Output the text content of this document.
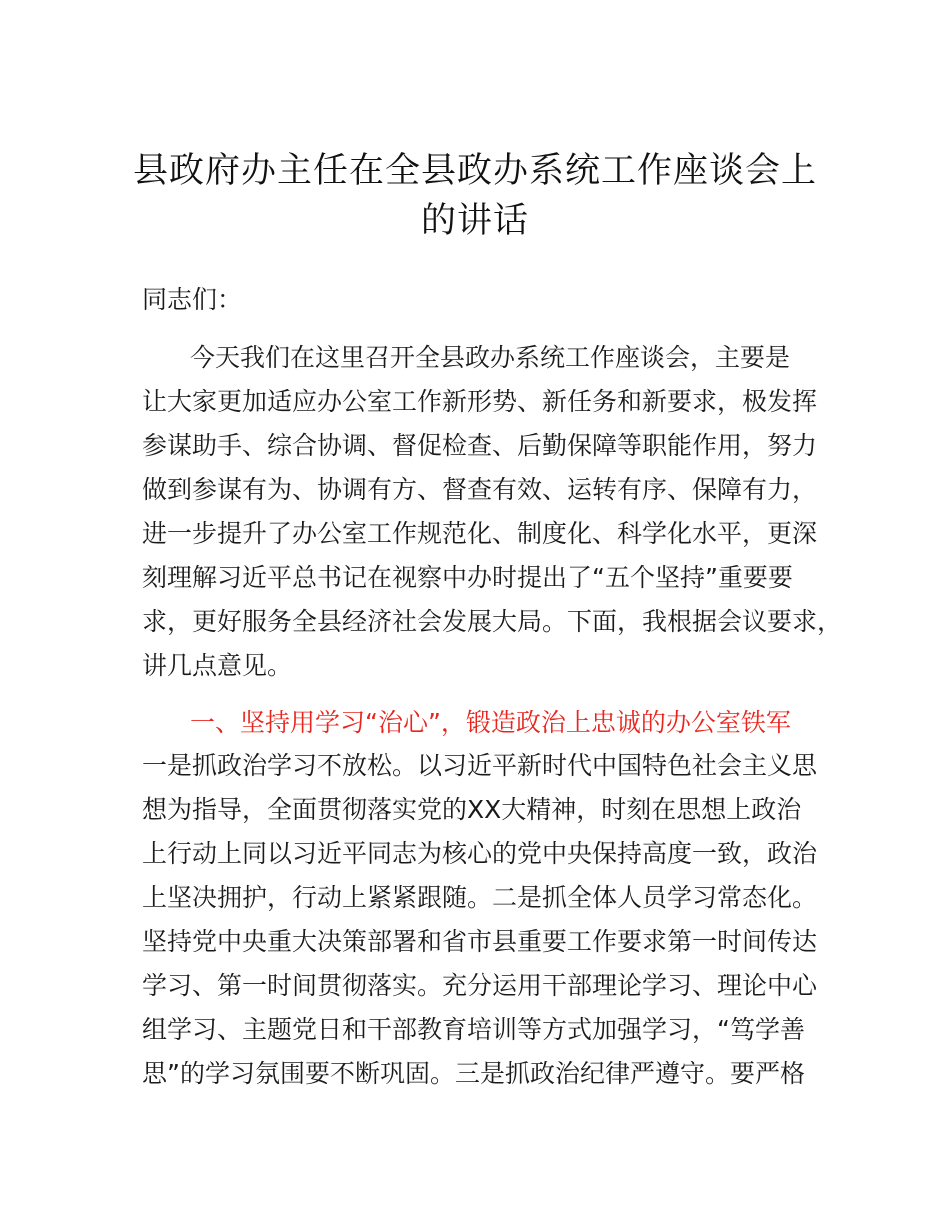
县政府办主任在全县政办系统工作座谈会上
的讲话
同志们：
今天我们在这里召开全县政办系统工作座谈会，主要是
让大家更加适应办公室工作新形势、新任务和新要求，极发挥
参谋助手、综合协调、督促检查、后勤保障等职能作用，努力
做到参谋有为、协调有方、督查有效、运转有序、保障有力，
进一步提升了办公室工作规范化、制度化、科学化水平，更深
刻理解习近平总书记在视察中办时提出了“五个坚持”重要要
求，更好服务全县经济社会发展大局。下面，我根据会议要求，
讲几点意见。
一、坚持用学习“治心”，锻造政治上忠诚的办公室铁军
一是抓政治学习不放松。以习近平新时代中国特色社会主义思
想为指导，全面贯彻落实党的XX大精神，时刻在思想上政治
上行动上同以习近平同志为核心的党中央保持高度一致，政治
上坚决拥护，行动上紧紧跟随。二是抓全体人员学习常态化。
坚持党中央重大决策部署和省市县重要工作要求第一时间传达
学习、第一时间贯彻落实。充分运用干部理论学习、理论中心
组学习、主题党日和干部教育培训等方式加强学习，“笃学善
思”的学习氛围要不断巩固。三是抓政治纪律严遵守。要严格
